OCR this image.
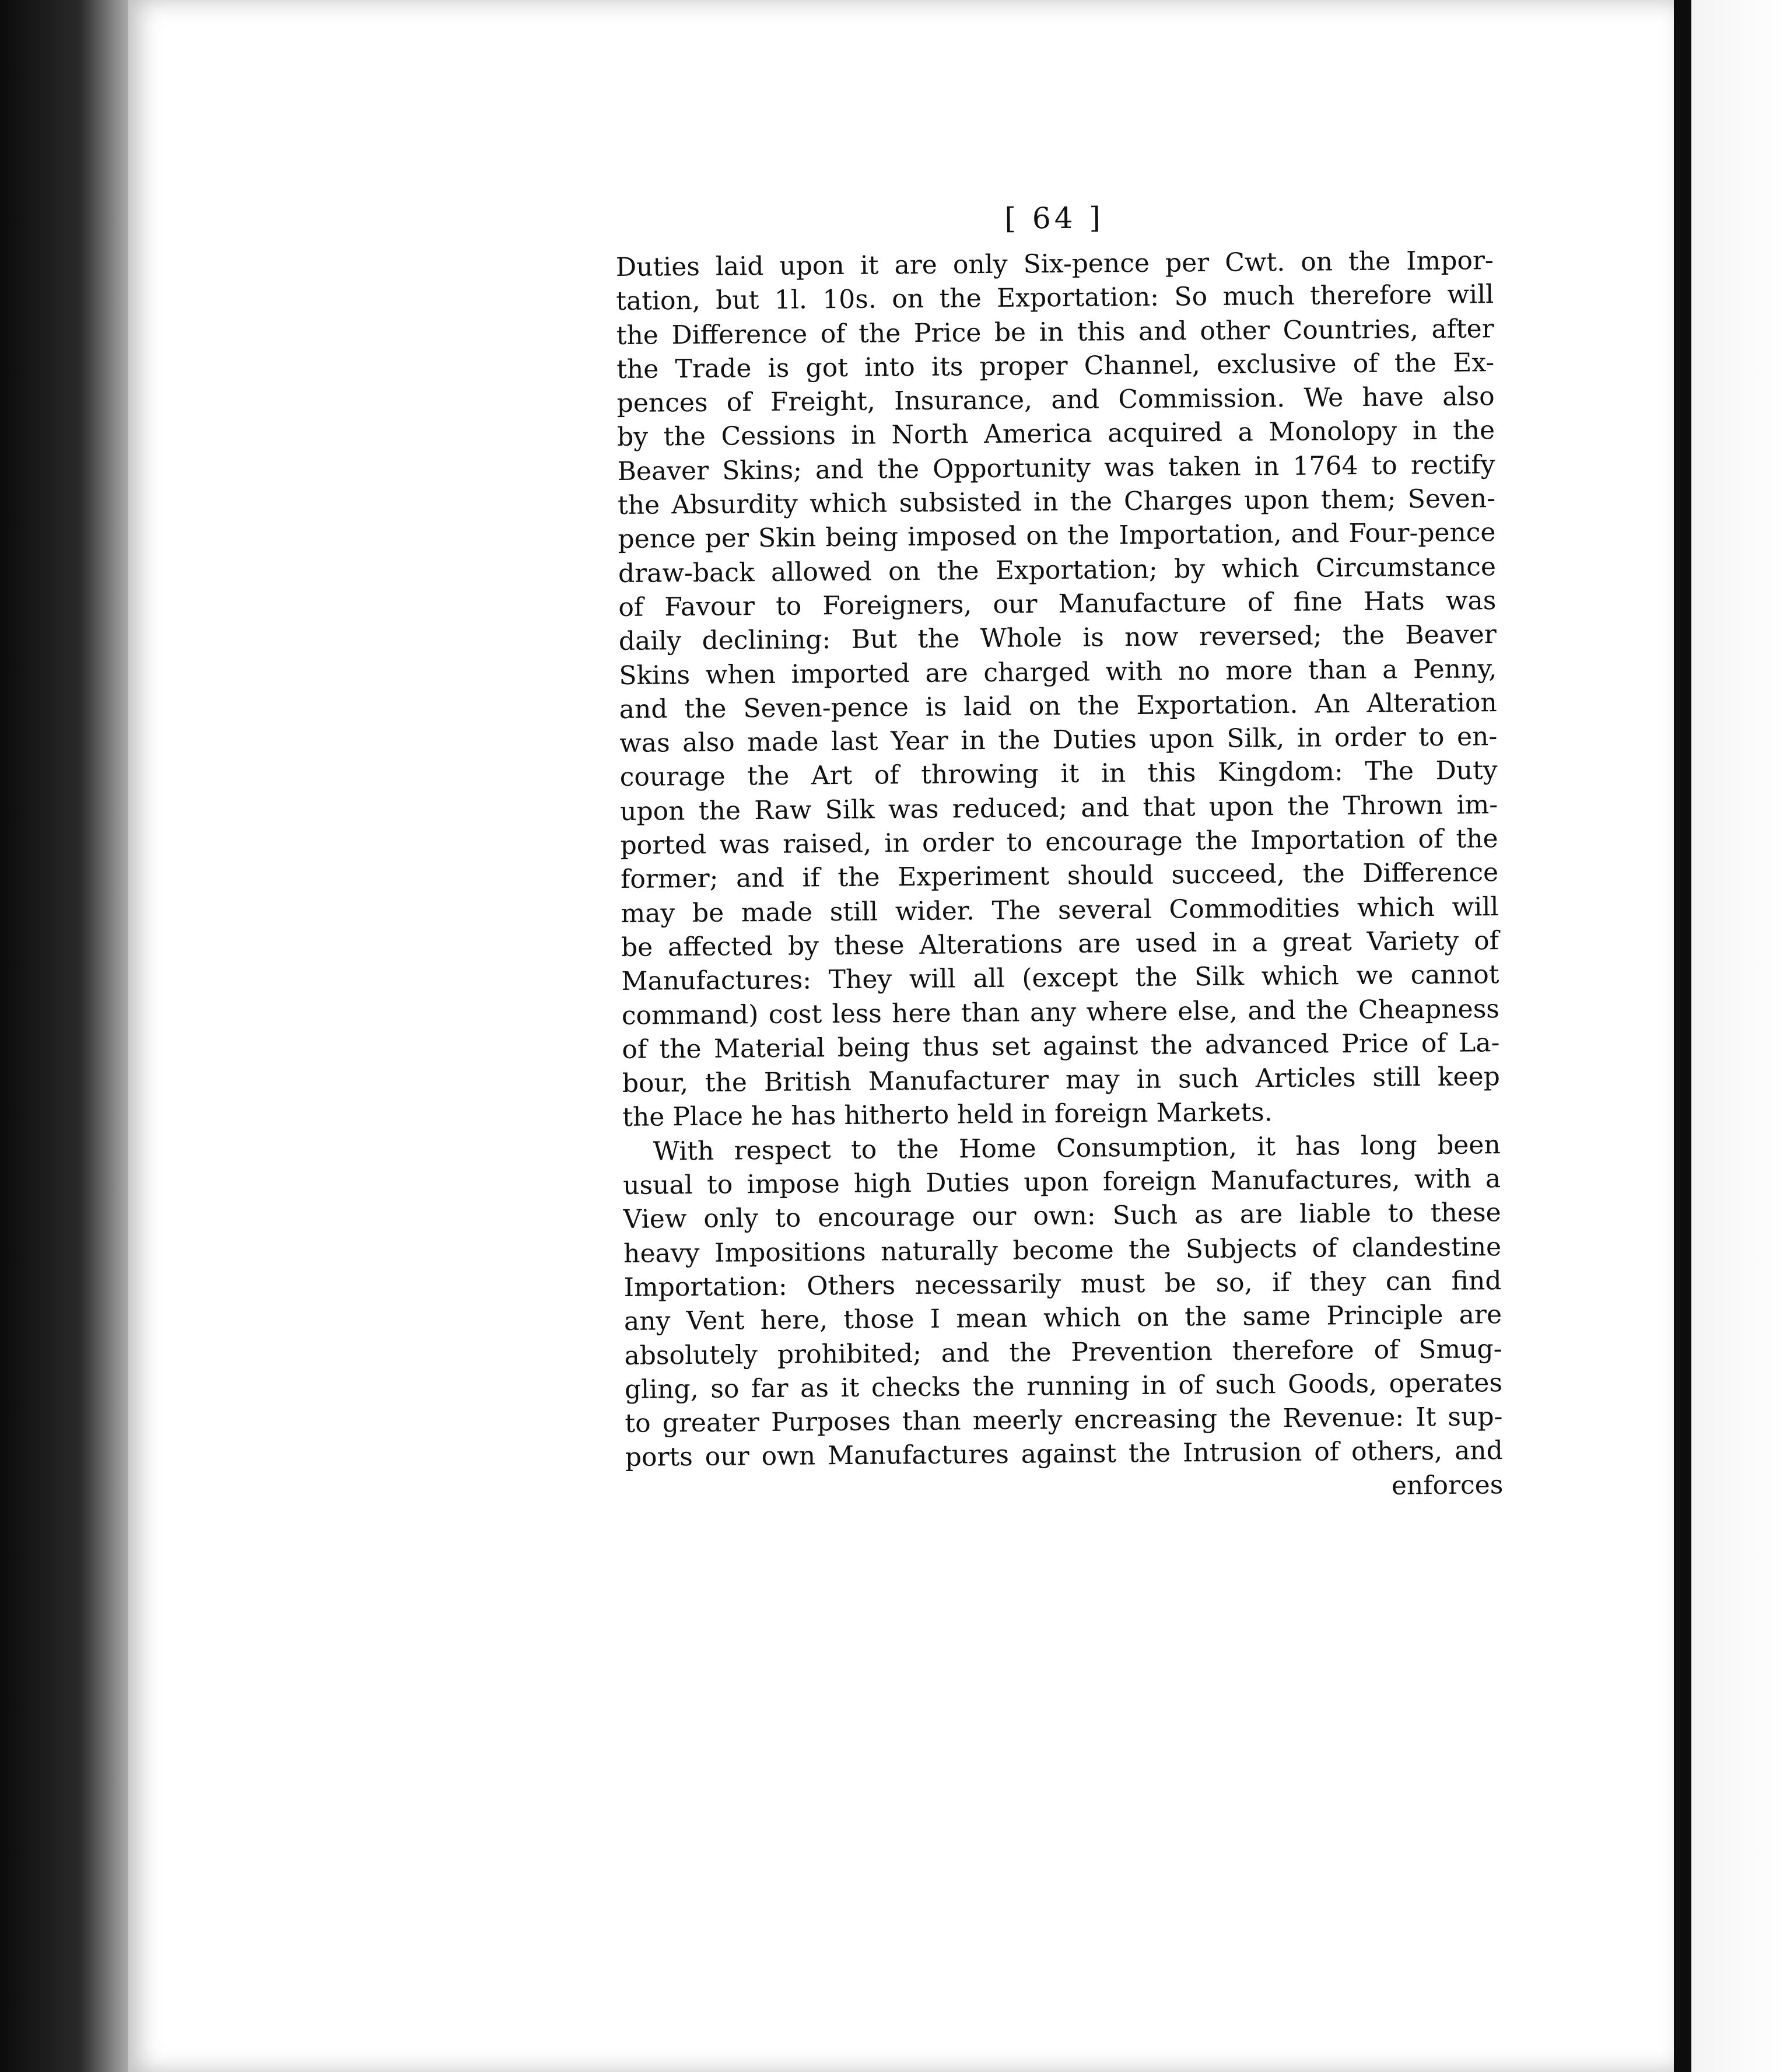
[ 64 ]
Duties laid upon it are only Six-pence per Cwt. on the Impor-
tation, but 1l. 10s. on the Exportation: So much therefore will
the Difference of the Price be in this and other Countries, after
the Trade is got into its proper Channel, exclusive of the Ex-
pences of Freight, Insurance, and Commission. We have also
by the Cessions in North America acquired a Monolopy in the
Beaver Skins; and the Opportunity was taken in 1764 to rectify
the Absurdity which subsisted in the Charges upon them; Seven-
pence per Skin being imposed on the Importation, and Four-pence
draw-back allowed on the Exportation; by which Circumstance
of Favour to Foreigners, our Manufacture of fine Hats was
daily declining: But the Whole is now reversed; the Beaver
Skins when imported are charged with no more than a Penny,
and the Seven-pence is laid on the Exportation. An Alteration
was also made last Year in the Duties upon Silk, in order to en-
courage the Art of throwing it in this Kingdom: The Duty
upon the Raw Silk was reduced; and that upon the Thrown im-
ported was raised, in order to encourage the Importation of the
former; and if the Experiment should succeed, the Difference
may be made still wider. The several Commodities which will
be affected by these Alterations are used in a great Variety of
Manufactures: They will all (except the Silk which we cannot
command) cost less here than any where else, and the Cheapness
of the Material being thus set against the advanced Price of La-
bour, the British Manufacturer may in such Articles still keep
the Place he has hitherto held in foreign Markets.
With respect to the Home Consumption, it has long been
usual to impose high Duties upon foreign Manufactures, with a
View only to encourage our own: Such as are liable to these
heavy Impositions naturally become the Subjects of clandestine
Importation: Others necessarily must be so, if they can find
any Vent here, those I mean which on the same Principle are
absolutely prohibited; and the Prevention therefore of Smug-
gling, so far as it checks the running in of such Goods, operates
to greater Purposes than meerly encreasing the Revenue: It sup-
ports our own Manufactures against the Intrusion of others, and
enforces
